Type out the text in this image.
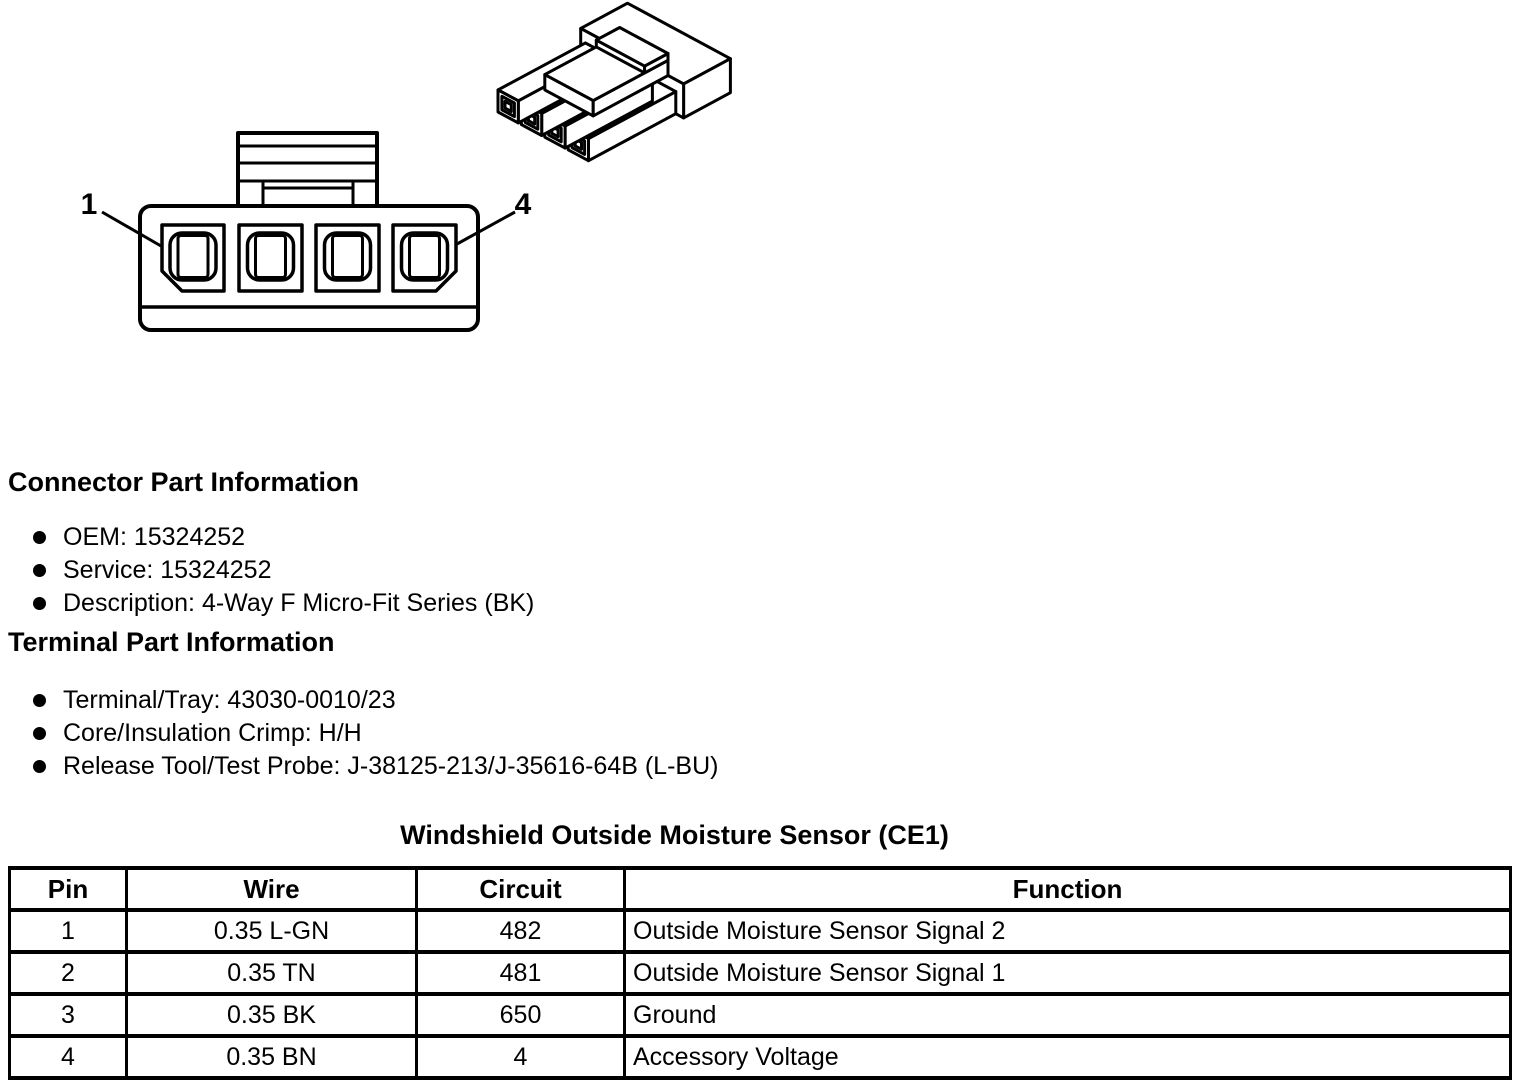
1	4
Connector Part Information
OEM: 15324252
Service: 15324252
Description: 4-Way F Micro-Fit Series (BK)
Terminal Part Information
Terminal/Tray: 43030-0010/23
Core/Insulation Crimp: H/H
Release Tool/Test Probe: J-38125-213/J-35616-64B (L-BU)
Windshield Outside Moisture Sensor (CE1)
Pin	Wire	Circuit	Function
1	0.35 L-GN	482	Outside Moisture Sensor Signal 2
2	0.35 TN	481	Outside Moisture Sensor Signal 1
3	0.35 BK	650	Ground
4	0.35 BN	4	Accessory Voltage
